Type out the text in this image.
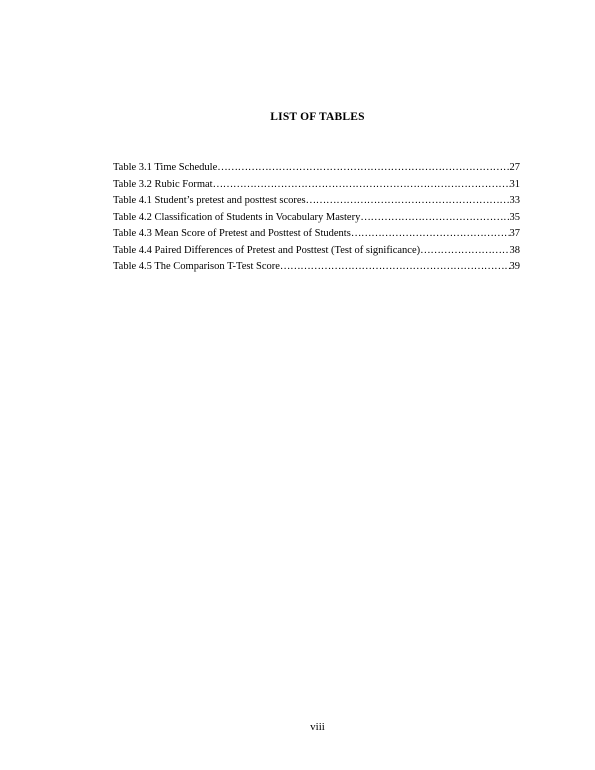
LIST OF TABLES
Table 3.1 Time Schedule ……………………………………………………………………………………………………………………………………………………………	27
Table 3.2 Rubic Format ……………………………………………………………………………………………………………………………………………………………	31
Table 4.1 Student’s pretest and posttest scores ……………………………………………………………………………………………………………………………………………………………	33
Table 4.2 Classification of Students in Vocabulary Mastery ……………………………………………………………………………………………………………………………………………………………	35
Table 4.3 Mean Score of Pretest and Posttest of Students ……………………………………………………………………………………………………………………………………………………………	37
Table 4.4 Paired Differences of Pretest and Posttest (Test of significance) ……………………………………………………………………………………………………………………………………………………………	38
Table 4.5 The Comparison T-Test Score ……………………………………………………………………………………………………………………………………………………………	39
viii
